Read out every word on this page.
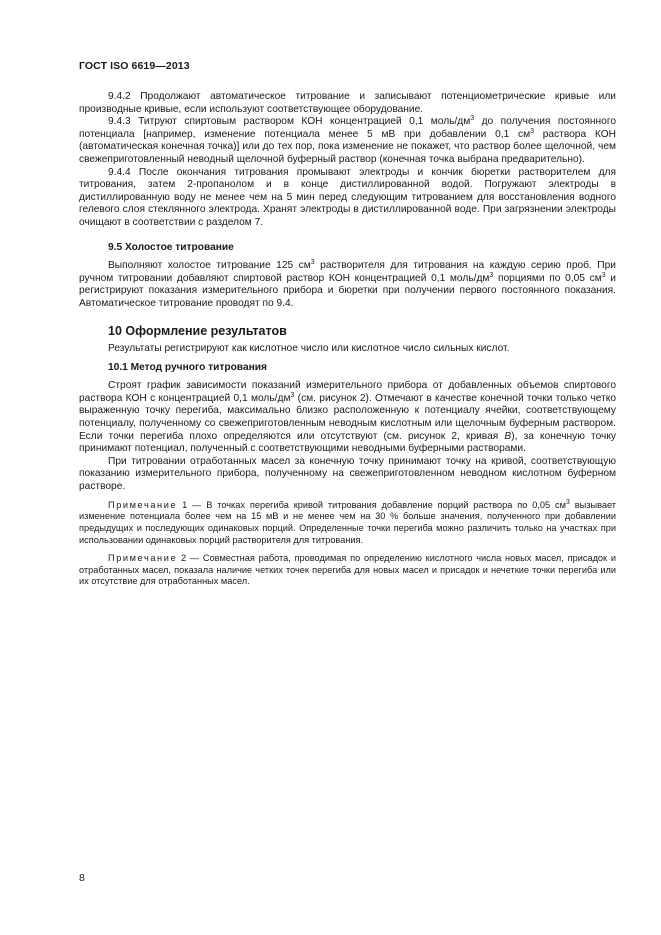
ГОСТ ISO 6619—2013

9.4.2 Продолжают автоматическое титрование и записывают потенциометрические кривые или производные кривые, если используют соответствующее оборудование.

9.4.3 Титруют спиртовым раствором КОН концентрацией 0,1 моль/$дм^3$ до получения постоянного потенциала [например, изменение потенциала менее 5 мВ при добавлении 0,1 $см^3$ раствора КОН (автоматическая конечная точка)] или до тех пор, пока изменение не покажет, что раствор более щелочной, чем свежеприготовленный неводный щелочной буферный раствор (конечная точка выбрана предварительно).

9.4.4 После окончания титрования промывают электроды и кончик бюретки растворителем для титрования, затем 2-пропанолом и в конце дистиллированной водой. Погружают электроды в дистиллированную воду не менее чем на 5 мин перед следующим титрованием для восстановления водного гелевого слоя стеклянного электрода. Хранят электроды в дистиллированной воде. При загрязнении электроды очищают в соответствии с разделом 7.

9.5 Холостое титрование

Выполняют холостое титрование 125 $см^3$ растворителя для титрования на каждую серию проб. При ручном титровании добавляют спиртовой раствор КОН концентрацией 0,1 моль/$дм^3$ порциями по 0,05 $см^3$ и регистрируют показания измерительного прибора и бюретки при получении первого постоянного показания. Автоматическое титрование проводят по 9.4.

10 Оформление результатов

Результаты регистрируют как кислотное число или кислотное число сильных кислот.

10.1 Метод ручного титрования

Строят график зависимости показаний измерительного прибора от добавленных объемов спиртового раствора КОН с концентрацией 0,1 моль/$дм^3$ (см. рисунок 2). Отмечают в качестве конечной точки только четко выраженную точку перегиба, максимально близко расположенную к потенциалу ячейки, соответствующему потенциалу, полученному со свежеприготовленным неводным кислотным или щелочным буферным раствором. Если точки перегиба плохо определяются или отсутствуют (см. рисунок 2, кривая B), за конечную точку принимают потенциал, полученный с соответствующими неводными буферными растворами.

При титровании отработанных масел за конечную точку принимают точку на кривой, соответствующую показанию измерительного прибора, полученному на свежеприготовленном неводном кислотном буферном растворе.

Примечание 1 — В точках перегиба кривой титрования добавление порций раствора по 0,05 $см^3$ вызывает изменение потенциала более чем на 15 мВ и не менее чем на 30 % больше значения, полученного при добавлении предыдущих и последующих одинаковых порций. Определенные точки перегиба можно различить только на участках при использовании одинаковых порций растворителя для титрования.

Примечание 2 — Совместная работа, проводимая по определению кислотного числа новых масел, присадок и отработанных масел, показала наличие четких точек перегиба для новых масел и присадок и нечеткие точки перегиба или их отсутствие для отработанных масел.

8
